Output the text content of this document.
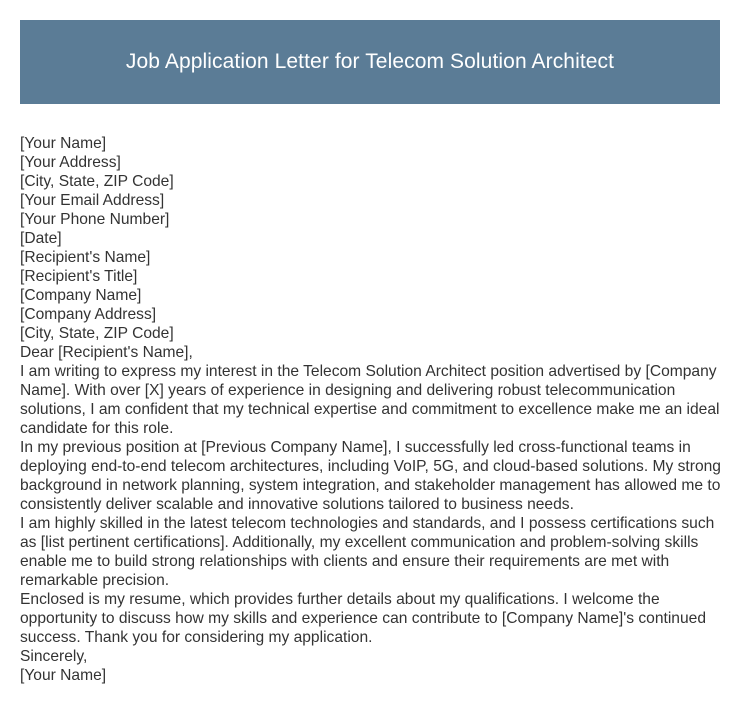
Job Application Letter for Telecom Solution Architect
[Your Name]
[Your Address]
[City, State, ZIP Code]
[Your Email Address]
[Your Phone Number]
[Date]
[Recipient's Name]
[Recipient's Title]
[Company Name]
[Company Address]
[City, State, ZIP Code]
Dear [Recipient's Name],
I am writing to express my interest in the Telecom Solution Architect position advertised by [Company Name]. With over [X] years of experience in designing and delivering robust telecommunication solutions, I am confident that my technical expertise and commitment to excellence make me an ideal candidate for this role.
In my previous position at [Previous Company Name], I successfully led cross-functional teams in deploying end-to-end telecom architectures, including VoIP, 5G, and cloud-based solutions. My strong background in network planning, system integration, and stakeholder management has allowed me to consistently deliver scalable and innovative solutions tailored to business needs.
I am highly skilled in the latest telecom technologies and standards, and I possess certifications such as [list pertinent certifications]. Additionally, my excellent communication and problem-solving skills enable me to build strong relationships with clients and ensure their requirements are met with remarkable precision.
Enclosed is my resume, which provides further details about my qualifications. I welcome the opportunity to discuss how my skills and experience can contribute to [Company Name]'s continued success. Thank you for considering my application.
Sincerely,
[Your Name]
